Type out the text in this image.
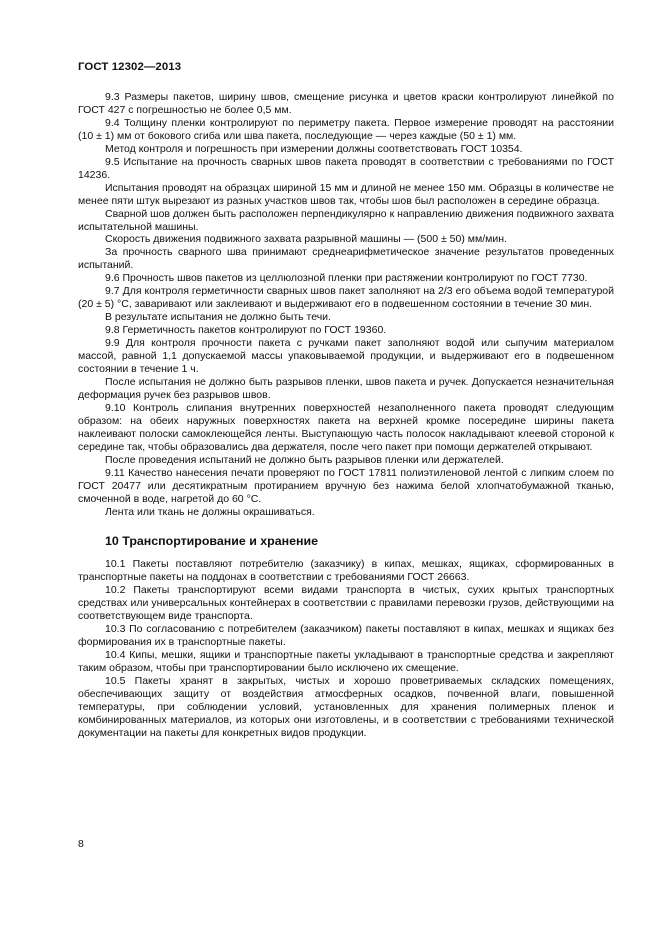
ГОСТ 12302—2013

9.3 Размеры пакетов, ширину швов, смещение рисунка и цветов краски контролируют линейкой по ГОСТ 427 с погрешностью не более 0,5 мм.

9.4 Толщину пленки контролируют по периметру пакета. Первое измерение проводят на расстоянии (10 ± 1) мм от бокового сгиба или шва пакета, последующие — через каждые (50 ± 1) мм.

Метод контроля и погрешность при измерении должны соответствовать ГОСТ 10354.

9.5 Испытание на прочность сварных швов пакета проводят в соответствии с требованиями по ГОСТ 14236.

Испытания проводят на образцах шириной 15 мм и длиной не менее 150 мм. Образцы в количестве не менее пяти штук вырезают из разных участков швов так, чтобы шов был расположен в середине образца.

Сварной шов должен быть расположен перпендикулярно к направлению движения подвижного захвата испытательной машины.

Скорость движения подвижного захвата разрывной машины — (500 ± 50) мм/мин.

За прочность сварного шва принимают среднеарифметическое значение результатов проведенных испытаний.

9.6 Прочность швов пакетов из целлюлозной пленки при растяжении контролируют по ГОСТ 7730.

9.7 Для контроля герметичности сварных швов пакет заполняют на 2/3 его объема водой температурой (20 ± 5) °С, заваривают или заклеивают и выдерживают его в подвешенном состоянии в течение 30 мин.

В результате испытания не должно быть течи.

9.8 Герметичность пакетов контролируют по ГОСТ 19360.

9.9 Для контроля прочности пакета с ручками пакет заполняют водой или сыпучим материалом массой, равной 1,1 допускаемой массы упаковываемой продукции, и выдерживают его в подвешенном состоянии в течение 1 ч.

После испытания не должно быть разрывов пленки, швов пакета и ручек. Допускается незначительная деформация ручек без разрывов швов.

9.10 Контроль слипания внутренних поверхностей незаполненного пакета проводят следующим образом: на обеих наружных поверхностях пакета на верхней кромке посередине ширины пакета наклеивают полоски самоклеющейся ленты. Выступающую часть полосок накладывают клеевой стороной к середине так, чтобы образовались два держателя, после чего пакет при помощи держателей открывают.

После проведения испытаний не должно быть разрывов пленки или держателей.

9.11 Качество нанесения печати проверяют по ГОСТ 17811 полиэтиленовой лентой с липким слоем по ГОСТ 20477 или десятикратным протиранием вручную без нажима белой хлопчатобумажной тканью, смоченной в воде, нагретой до 60 °С.

Лента или ткань не должны окрашиваться.

10 Транспортирование и хранение

10.1 Пакеты поставляют потребителю (заказчику) в кипах, мешках, ящиках, сформированных в транспортные пакеты на поддонах в соответствии с требованиями ГОСТ 26663.

10.2 Пакеты транспортируют всеми видами транспорта в чистых, сухих крытых транспортных средствах или универсальных контейнерах в соответствии с правилами перевозки грузов, действующими на соответствующем виде транспорта.

10.3 По согласованию с потребителем (заказчиком) пакеты поставляют в кипах, мешках и ящиках без формирования их в транспортные пакеты.

10.4 Кипы, мешки, ящики и транспортные пакеты укладывают в транспортные средства и закрепляют таким образом, чтобы при транспортировании было исключено их смещение.

10.5 Пакеты хранят в закрытых, чистых и хорошо проветриваемых складских помещениях, обеспечивающих защиту от воздействия атмосферных осадков, почвенной влаги, повышенной температуры, при соблюдении условий, установленных для хранения полимерных пленок и комбинированных материалов, из которых они изготовлены, и в соответствии с требованиями технической документации на пакеты для конкретных видов продукции.

8
